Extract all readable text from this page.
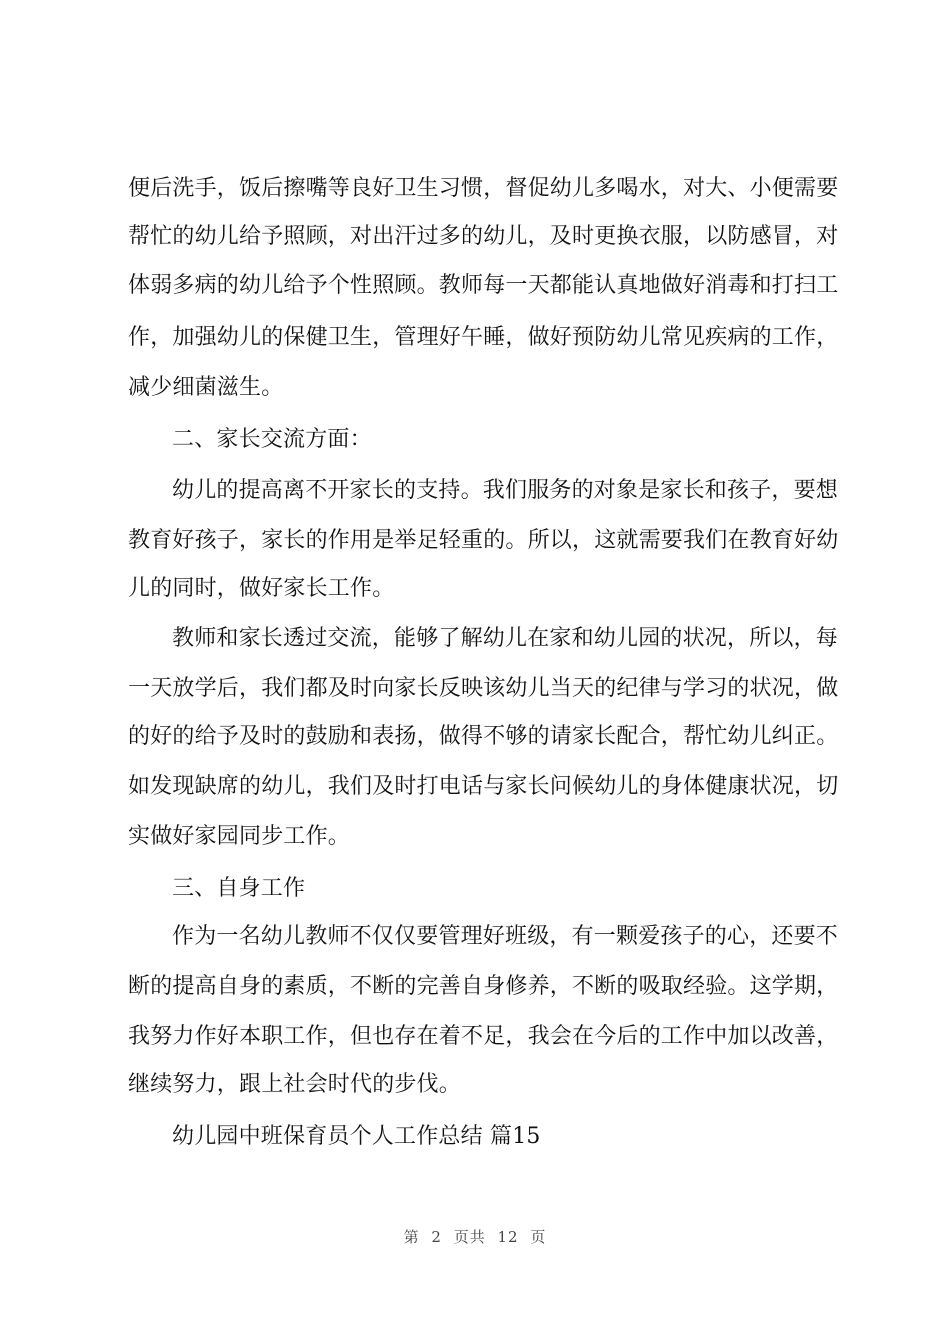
便后洗手，饭后擦嘴等良好卫生习惯，督促幼儿多喝水，对大、小便需要
帮忙的幼儿给予照顾，对出汗过多的幼儿，及时更换衣服，以防感冒，对
体弱多病的幼儿给予个性照顾。教师每一天都能认真地做好消毒和打扫工
作，加强幼儿的保健卫生，管理好午睡，做好预防幼儿常见疾病的工作，
减少细菌滋生。
二、家长交流方面：
幼儿的提高离不开家长的支持。我们服务的对象是家长和孩子，要想
教育好孩子，家长的作用是举足轻重的。所以，这就需要我们在教育好幼
儿的同时，做好家长工作。
教师和家长透过交流，能够了解幼儿在家和幼儿园的状况，所以，每
一天放学后，我们都及时向家长反映该幼儿当天的纪律与学习的状况，做
的好的给予及时的鼓励和表扬，做得不够的请家长配合，帮忙幼儿纠正。
如发现缺席的幼儿，我们及时打电话与家长问候幼儿的身体健康状况，切
实做好家园同步工作。
三、自身工作
作为一名幼儿教师不仅仅要管理好班级，有一颗爱孩子的心，还要不
断的提高自身的素质，不断的完善自身修养，不断的吸取经验。这学期，
我努力作好本职工作，但也存在着不足，我会在今后的工作中加以改善，
继续努力，跟上社会时代的步伐。
幼儿园中班保育员个人工作总结 篇15
第 2 页共 12 页
